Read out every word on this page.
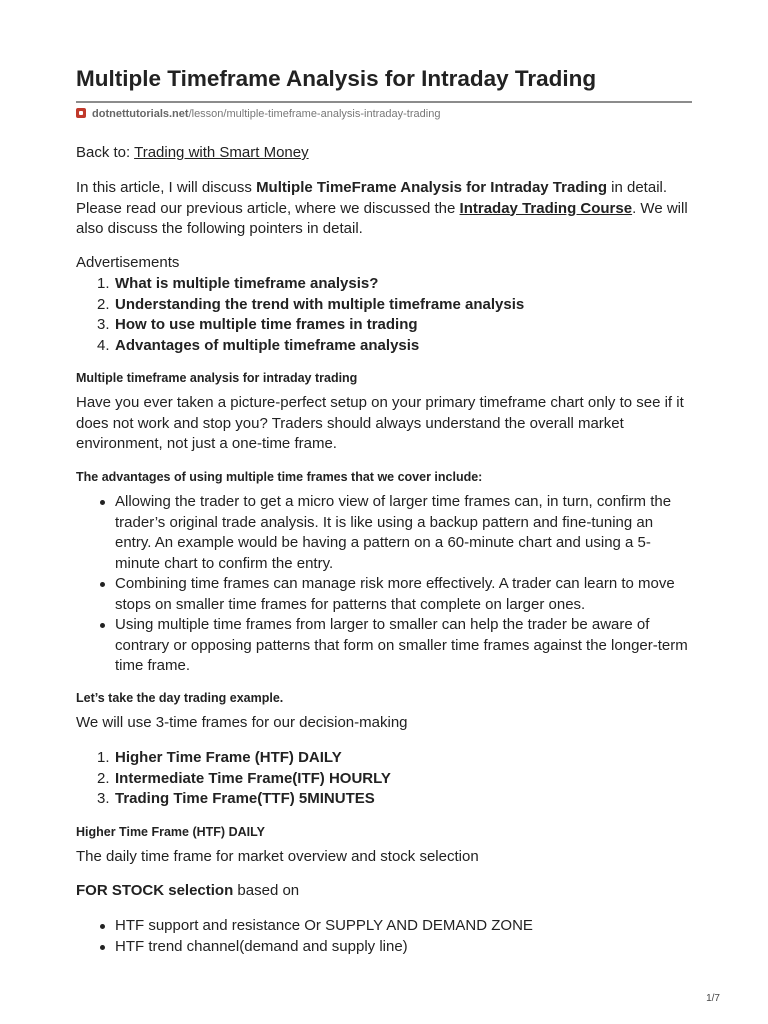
Multiple Timeframe Analysis for Intraday Trading
dotnettutorials.net/lesson/multiple-timeframe-analysis-intraday-trading

Back to: Trading with Smart Money

In this article, I will discuss Multiple TimeFrame Analysis for Intraday Trading in detail. Please read our previous article, where we discussed the Intraday Trading Course. We will also discuss the following pointers in detail.

Advertisements

1. What is multiple timeframe analysis?
2. Understanding the trend with multiple timeframe analysis
3. How to use multiple time frames in trading
4. Advantages of multiple timeframe analysis
Multiple timeframe analysis for intraday trading

Have you ever taken a picture-perfect setup on your primary timeframe chart only to see if it does not work and stop you? Traders should always understand the overall market environment, not just a one-time frame.

The advantages of using multiple time frames that we cover include:
Allowing the trader to get a micro view of larger time frames can, in turn, confirm the trader’s original trade analysis. It is like using a backup pattern and fine-tuning an entry. An example would be having a pattern on a 60-minute chart and using a 5-minute chart to confirm the entry.
Combining time frames can manage risk more effectively. A trader can learn to move stops on smaller time frames for patterns that complete on larger ones.
Using multiple time frames from larger to smaller can help the trader be aware of contrary or opposing patterns that form on smaller time frames against the longer-term time frame.
Let’s take the day trading example.

We will use 3-time frames for our decision-making

1. Higher Time Frame (HTF) DAILY
2. Intermediate Time Frame(ITF) HOURLY
3. Trading Time Frame(TTF) 5MINUTES
Higher Time Frame (HTF) DAILY

The daily time frame for market overview and stock selection

FOR STOCK selection based on

HTF support and resistance Or SUPPLY AND DEMAND ZONE
HTF trend channel(demand and supply line)
1/7
